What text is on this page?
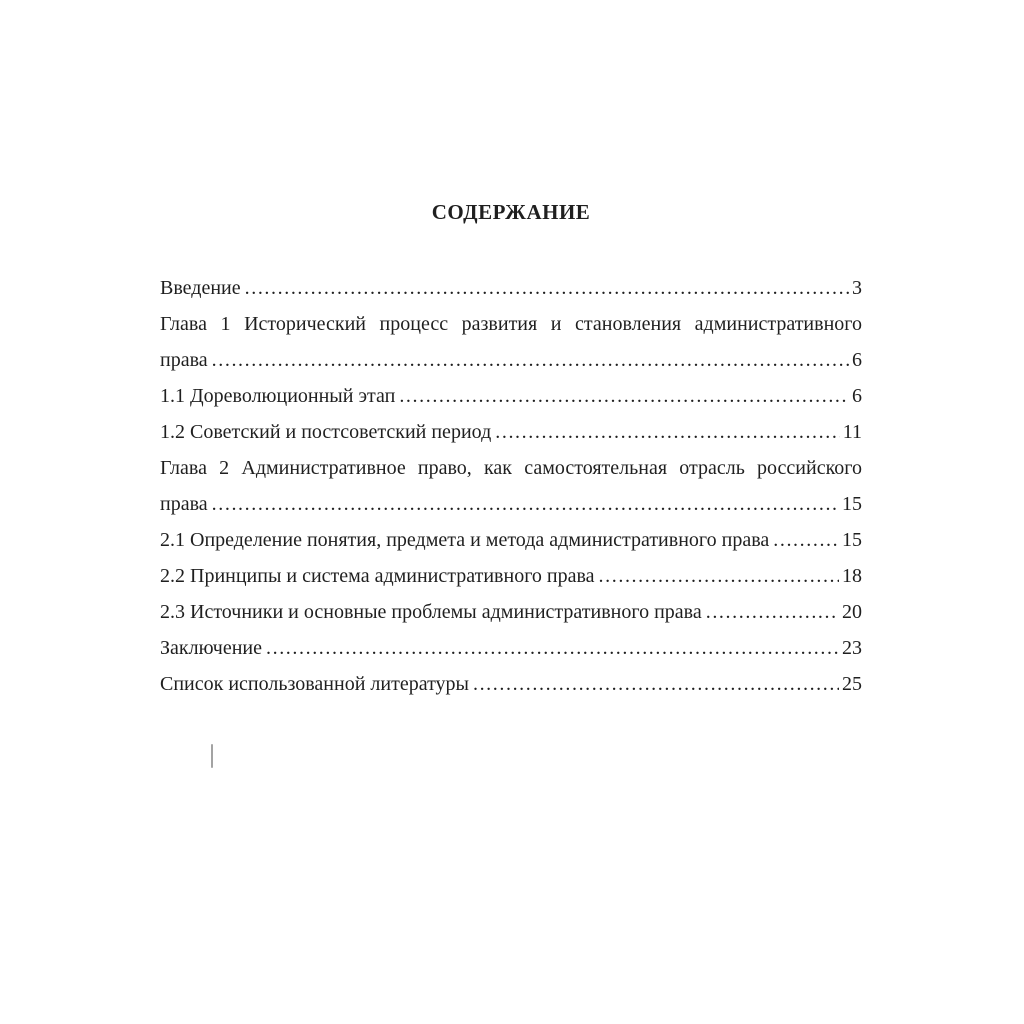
СОДЕРЖАНИЕ
Введение .....	3
Глава 1 Исторический процесс развития и становления административного
права .....	6
1.1 Дореволюционный этап .....	6
1.2 Советский и постсоветский период .....	11
Глава 2 Административное право, как самостоятельная отрасль российского
права .....	15
2.1 Определение понятия, предмета и метода административного права .....	15
2.2 Принципы и система административного права .....	18
2.3 Источники и основные проблемы административного права .....	20
Заключение .....	23
Список использованной литературы .....	25
